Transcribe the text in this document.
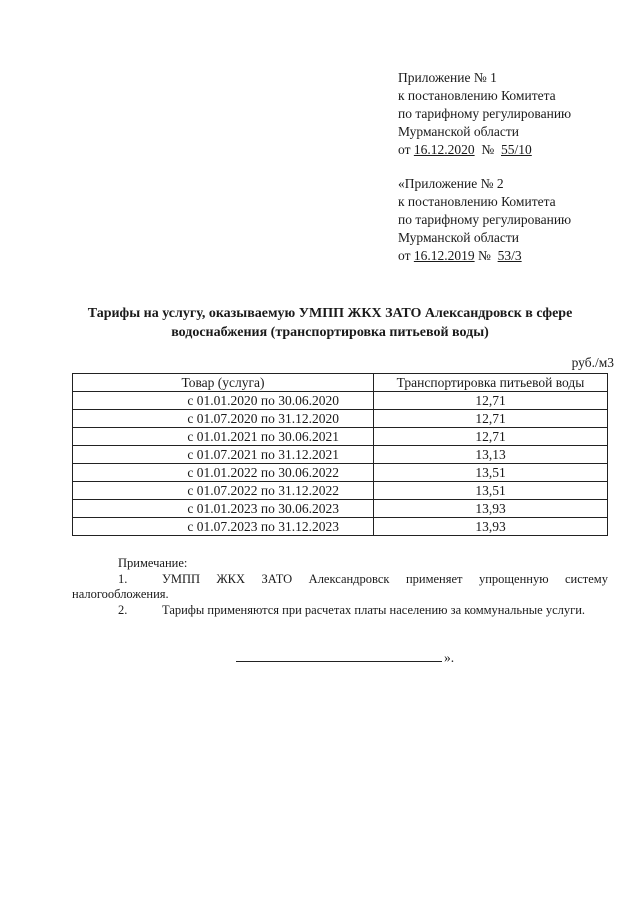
Приложение № 1
к постановлению Комитета
по тарифному регулированию
Мурманской области
от 16.12.2020  №  55/10
«Приложение № 2
к постановлению Комитета
по тарифному регулированию
Мурманской области
от 16.12.2019 №  53/3
Тарифы на услугу, оказываемую УМПП ЖКХ ЗАТО Александровск в сфере
водоснабжения (транспортировка питьевой воды)
руб./м3
Товар (услуга)	Транспортировка питьевой воды
с 01.01.2020 по 30.06.2020	12,71
с 01.07.2020 по 31.12.2020	12,71
с 01.01.2021 по 30.06.2021	12,71
с 01.07.2021 по 31.12.2021	13,13
с 01.01.2022 по 30.06.2022	13,51
с 01.07.2022 по 31.12.2022	13,51
с 01.01.2023 по 30.06.2023	13,93
с 01.07.2023 по 31.12.2023	13,93
Примечание:
1.	УМПП ЖКХ ЗАТО Александровск применяет упрощенную систему
налогообложения.
2.	Тарифы применяются при расчетах платы населению за коммунальные услуги.
».
